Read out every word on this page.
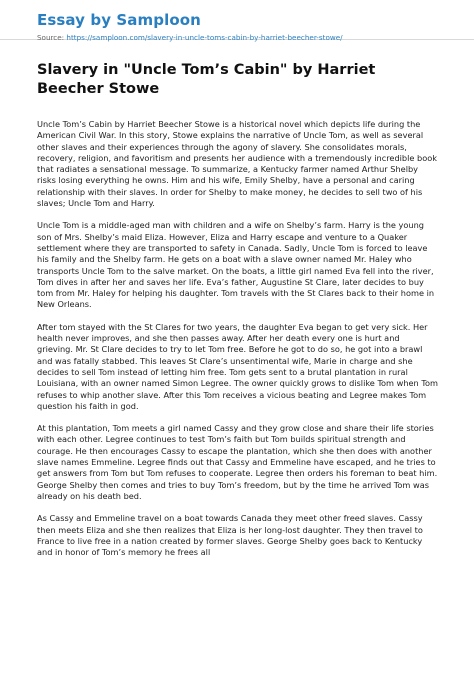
Essay by Samploon
Source: https://samploon.com/slavery-in-uncle-toms-cabin-by-harriet-beecher-stowe/
Slavery in "Uncle Tom’s Cabin" by Harriet Beecher Stowe

Uncle Tom’s Cabin by Harriet Beecher Stowe is a historical novel which depicts life during the American Civil War. In this story, Stowe explains the narrative of Uncle Tom, as well as several other slaves and their experiences through the agony of slavery. She consolidates morals, recovery, religion, and favoritism and presents her audience with a tremendously incredible book that radiates a sensational message. To summarize, a Kentucky farmer named Arthur Shelby risks losing everything he owns. Him and his wife, Emily Shelby, have a personal and caring relationship with their slaves. In order for Shelby to make money, he decides to sell two of his slaves; Uncle Tom and Harry.

Uncle Tom is a middle-aged man with children and a wife on Shelby’s farm. Harry is the young son of Mrs. Shelby’s maid Eliza. However, Eliza and Harry escape and venture to a Quaker settlement where they are transported to safety in Canada. Sadly, Uncle Tom is forced to leave his family and the Shelby farm. He gets on a boat with a slave owner named Mr. Haley who transports Uncle Tom to the salve market. On the boats, a little girl named Eva fell into the river, Tom dives in after her and saves her life. Eva’s father, Augustine St Clare, later decides to buy tom from Mr. Haley for helping his daughter. Tom travels with the St Clares back to their home in New Orleans.

After tom stayed with the St Clares for two years, the daughter Eva began to get very sick. Her health never improves, and she then passes away. After her death every one is hurt and grieving. Mr. St Clare decides to try to let Tom free. Before he got to do so, he got into a brawl and was fatally stabbed. This leaves St Clare’s unsentimental wife, Marie in charge and she decides to sell Tom instead of letting him free. Tom gets sent to a brutal plantation in rural Louisiana, with an owner named Simon Legree. The owner quickly grows to dislike Tom when Tom refuses to whip another slave. After this Tom receives a vicious beating and Legree makes Tom question his faith in god.

At this plantation, Tom meets a girl named Cassy and they grow close and share their life stories with each other. Legree continues to test Tom’s faith but Tom builds spiritual strength and courage. He then encourages Cassy to escape the plantation, which she then does with another slave names Emmeline. Legree finds out that Cassy and Emmeline have escaped, and he tries to get answers from Tom but Tom refuses to cooperate. Legree then orders his foreman to beat him. George Shelby then comes and tries to buy Tom’s freedom, but by the time he arrived Tom was already on his death bed.

As Cassy and Emmeline travel on a boat towards Canada they meet other freed slaves. Cassy then meets Eliza and she then realizes that Eliza is her long-lost daughter. They then travel to France to live free in a nation created by former slaves. George Shelby goes back to Kentucky and in honor of Tom’s memory he frees all
